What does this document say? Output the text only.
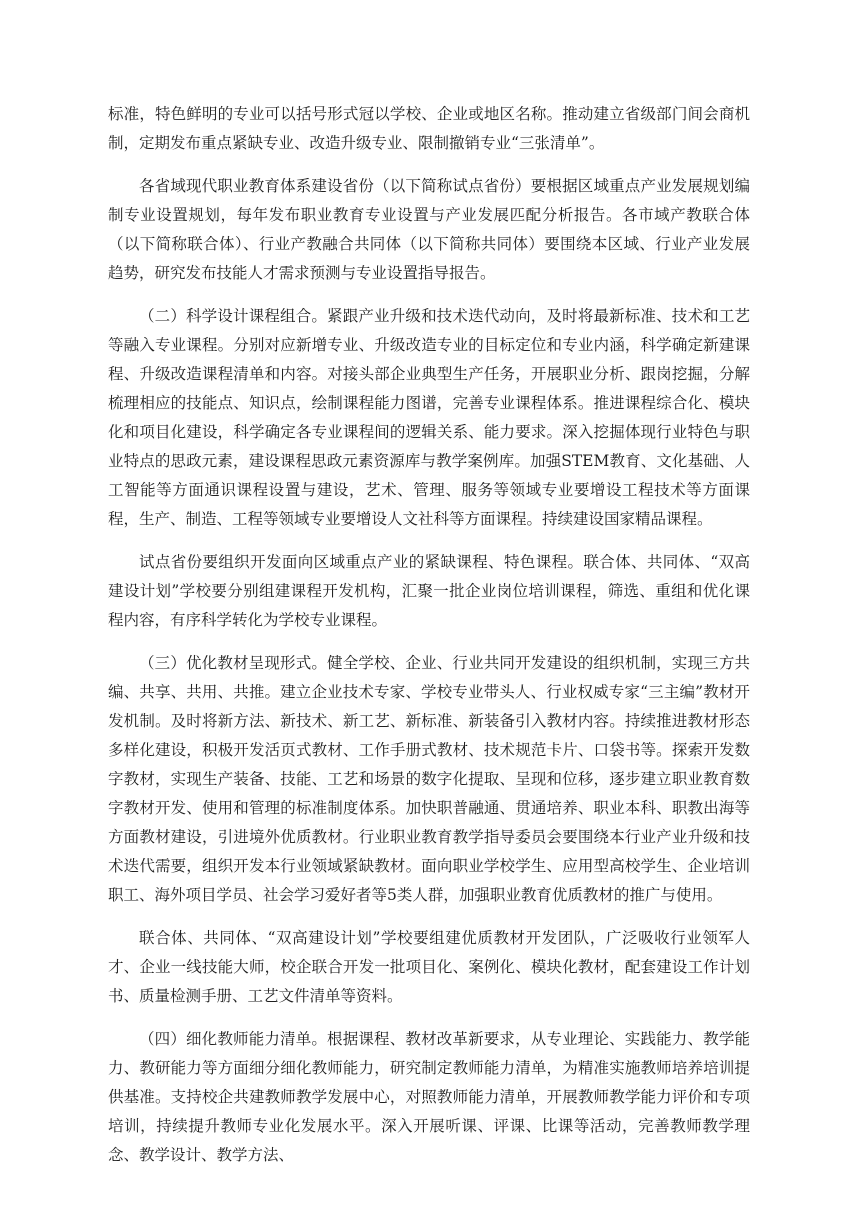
标准，特色鲜明的专业可以括号形式冠以学校、企业或地区名称。推动建立省级部门间会商机制，定期发布重点紧缺专业、改造升级专业、限制撤销专业“三张清单”。

各省域现代职业教育体系建设省份（以下简称试点省份）要根据区域重点产业发展规划编制专业设置规划，每年发布职业教育专业设置与产业发展匹配分析报告。各市域产教联合体（以下简称联合体）、行业产教融合共同体（以下简称共同体）要围绕本区域、行业产业发展趋势，研究发布技能人才需求预测与专业设置指导报告。

（二）科学设计课程组合。紧跟产业升级和技术迭代动向，及时将最新标准、技术和工艺等融入专业课程。分别对应新增专业、升级改造专业的目标定位和专业内涵，科学确定新建课程、升级改造课程清单和内容。对接头部企业典型生产任务，开展职业分析、跟岗挖掘，分解梳理相应的技能点、知识点，绘制课程能力图谱，完善专业课程体系。推进课程综合化、模块化和项目化建设，科学确定各专业课程间的逻辑关系、能力要求。深入挖掘体现行业特色与职业特点的思政元素，建设课程思政元素资源库与教学案例库。加强STEM教育、文化基础、人工智能等方面通识课程设置与建设，艺术、管理、服务等领域专业要增设工程技术等方面课程，生产、制造、工程等领域专业要增设人文社科等方面课程。持续建设国家精品课程。

试点省份要组织开发面向区域重点产业的紧缺课程、特色课程。联合体、共同体、“双高建设计划”学校要分别组建课程开发机构，汇聚一批企业岗位培训课程，筛选、重组和优化课程内容，有序科学转化为学校专业课程。

（三）优化教材呈现形式。健全学校、企业、行业共同开发建设的组织机制，实现三方共编、共享、共用、共推。建立企业技术专家、学校专业带头人、行业权威专家“三主编”教材开发机制。及时将新方法、新技术、新工艺、新标准、新装备引入教材内容。持续推进教材形态多样化建设，积极开发活页式教材、工作手册式教材、技术规范卡片、口袋书等。探索开发数字教材，实现生产装备、技能、工艺和场景的数字化提取、呈现和位移，逐步建立职业教育数字教材开发、使用和管理的标准制度体系。加快职普融通、贯通培养、职业本科、职教出海等方面教材建设，引进境外优质教材。行业职业教育教学指导委员会要围绕本行业产业升级和技术迭代需要，组织开发本行业领域紧缺教材。面向职业学校学生、应用型高校学生、企业培训职工、海外项目学员、社会学习爱好者等5类人群，加强职业教育优质教材的推广与使用。

联合体、共同体、“双高建设计划”学校要组建优质教材开发团队，广泛吸收行业领军人才、企业一线技能大师，校企联合开发一批项目化、案例化、模块化教材，配套建设工作计划书、质量检测手册、工艺文件清单等资料。

（四）细化教师能力清单。根据课程、教材改革新要求，从专业理论、实践能力、教学能力、教研能力等方面细分细化教师能力，研究制定教师能力清单，为精准实施教师培养培训提供基准。支持校企共建教师教学发展中心，对照教师能力清单，开展教师教学能力评价和专项培训，持续提升教师专业化发展水平。深入开展听课、评课、比课等活动，完善教师教学理念、教学设计、教学方法、
